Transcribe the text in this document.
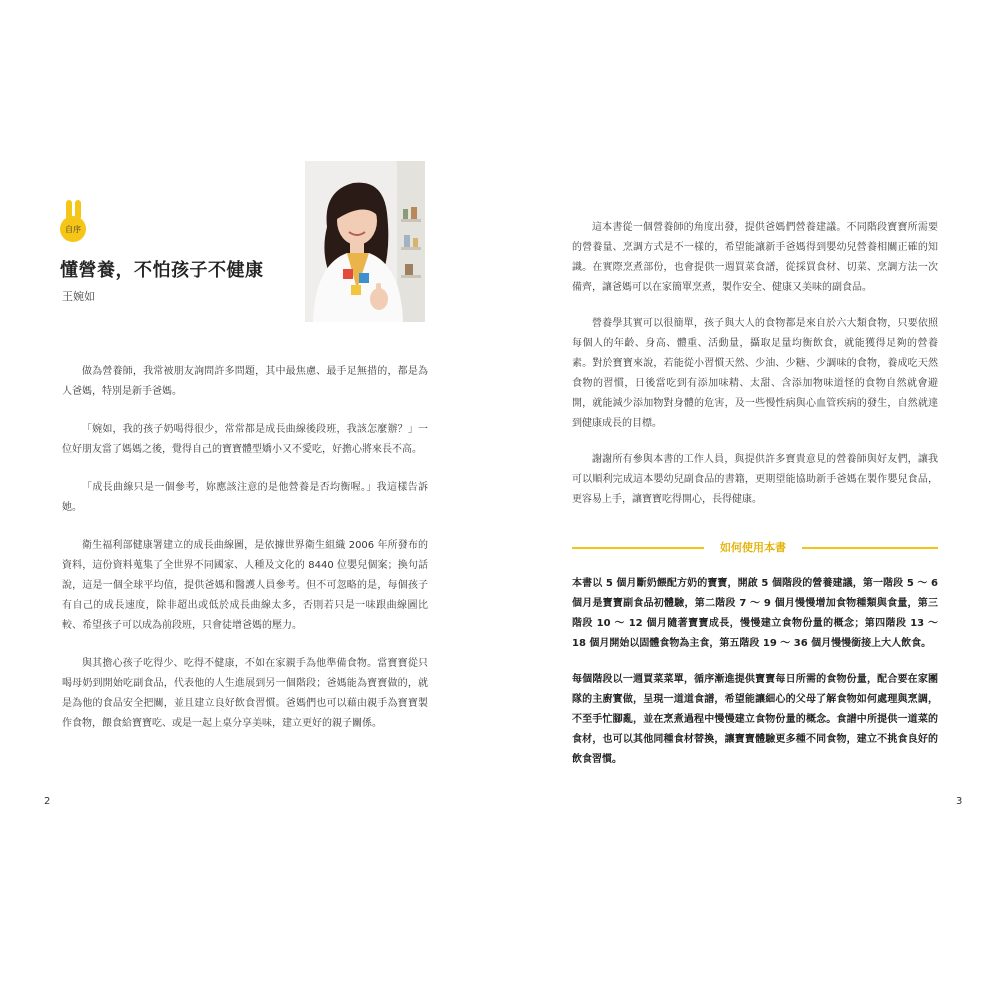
自序
懂營養，不怕孩子不健康
王婉如

做為營養師，我常被朋友詢問許多問題，其中最焦慮、最手足無措的，都是為人爸媽，特別是新手爸媽。

「婉如，我的孩子奶喝得很少，常常都是成長曲線後段班，我該怎麼辦？」一位好朋友當了媽媽之後，覺得自己的寶寶體型嬌小又不愛吃，好擔心將來長不高。

「成長曲線只是一個參考，妳應該注意的是他營養是否均衡喔。」我這樣告訴她。

衛生福利部健康署建立的成長曲線圖，是依據世界衛生組織 2006 年所發布的資料，這份資料蒐集了全世界不同國家、人種及文化的 8440 位嬰兒個案；換句話說，這是一個全球平均值，提供爸媽和醫護人員參考。但不可忽略的是，每個孩子有自己的成長速度，除非超出或低於成長曲線太多，否則若只是一味跟曲線圖比較、希望孩子可以成為前段班，只會徒增爸媽的壓力。

與其擔心孩子吃得少、吃得不健康，不如在家親手為他準備食物。當寶寶從只喝母奶到開始吃副食品，代表他的人生進展到另一個階段；爸媽能為寶寶做的，就是為他的食品安全把關，並且建立良好飲食習慣。爸媽們也可以藉由親手為寶寶製作食物，餵食給寶寶吃、或是一起上桌分享美味，建立更好的親子關係。

2

這本書從一個營養師的角度出發，提供爸媽們營養建議。不同階段寶寶所需要的營養量、烹調方式是不一樣的，希望能讓新手爸媽得到嬰幼兒營養相關正確的知識。在實際烹煮部份，也會提供一週買菜食譜，從採買食材、切菜、烹調方法一次備齊，讓爸媽可以在家簡單烹煮，製作安全、健康又美味的副食品。

營養學其實可以很簡單，孩子與大人的食物都是來自於六大類食物，只要依照每個人的年齡、身高、體重、活動量，攝取足量均衡飲食，就能獲得足夠的營養素。對於寶寶來說，若能從小習慣天然、少油、少糖、少調味的食物，養成吃天然食物的習慣，日後當吃到有添加味精、太甜、含添加物味道怪的食物自然就會避開，就能減少添加物對身體的危害，及一些慢性病與心血管疾病的發生，自然就達到健康成長的目標。

謝謝所有參與本書的工作人員，與提供許多寶貴意見的營養師與好友們，讓我可以順利完成這本嬰幼兒副食品的書籍，更期望能協助新手爸媽在製作嬰兒食品，更容易上手，讓寶寶吃得開心，長得健康。

如何使用本書

本書以 5 個月斷奶餵配方奶的寶寶，開啟 5 個階段的營養建議，第一階段 5 ～ 6 個月是寶寶副食品初體驗，第二階段 7 ～ 9 個月慢慢增加食物種類與食量，第三階段 10 ～ 12 個月隨著寶寶成長，慢慢建立食物份量的概念；第四階段 13 ～ 18 個月開始以固體食物為主食，第五階段 19 ～ 36 個月慢慢銜接上大人飲食。

每個階段以一週買菜菜單，循序漸進提供寶寶每日所需的食物份量，配合要在家團隊的主廚實做，呈現一道道食譜，希望能讓細心的父母了解食物如何處理與烹調，不至手忙腳亂，並在烹煮過程中慢慢建立食物份量的概念。食譜中所提供一道菜的食材，也可以其他同種食材替換，讓寶寶體驗更多種不同食物，建立不挑食良好的飲食習慣。

3
